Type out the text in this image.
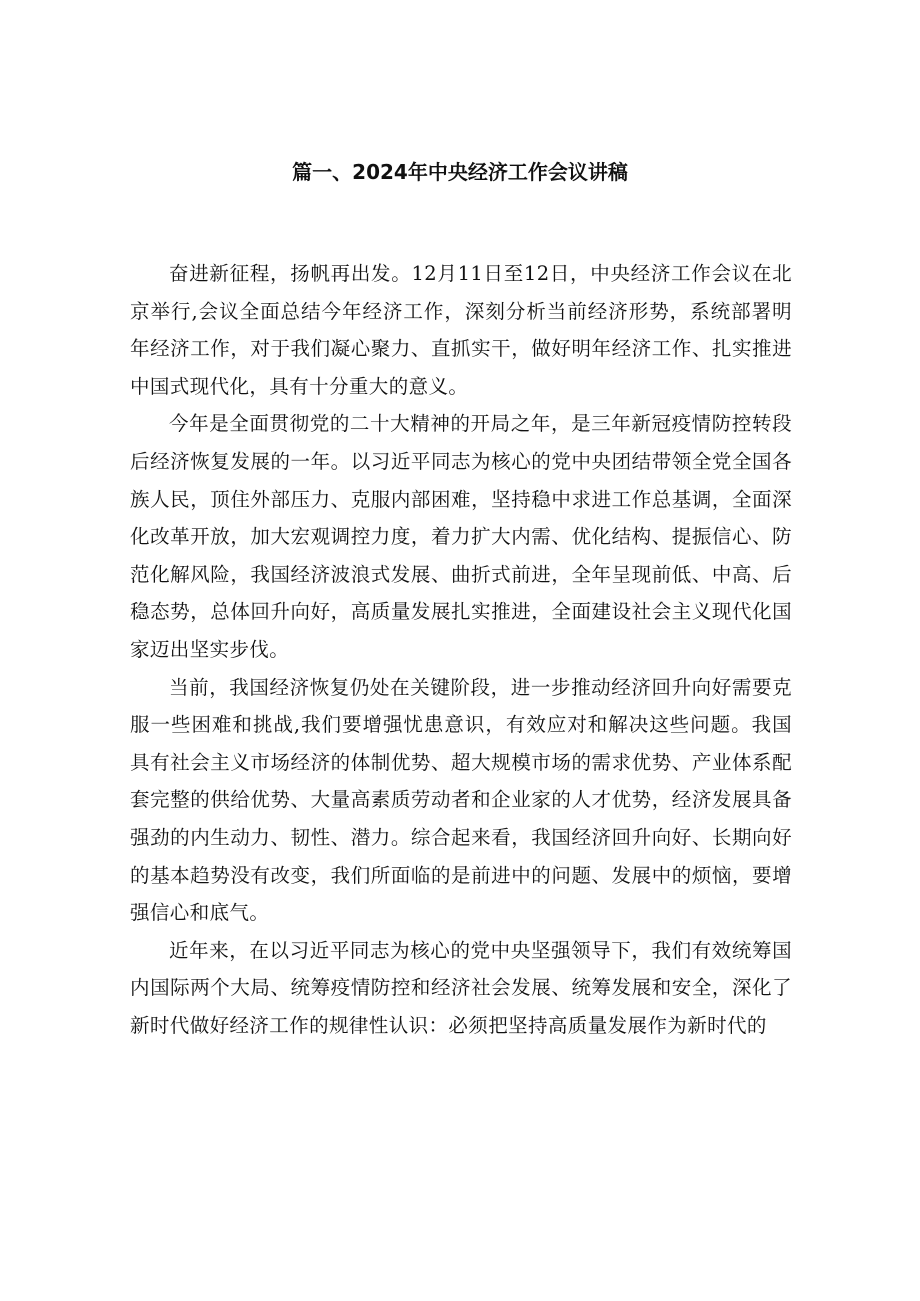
篇一、2024年中央经济工作会议讲稿

奋进新征程，扬帆再出发。12月11日至12日，中央经济工作会议在北京举行,会议全面总结今年经济工作，深刻分析当前经济形势，系统部署明年经济工作，对于我们凝心聚力、直抓实干，做好明年经济工作、扎实推进中国式现代化，具有十分重大的意义。

今年是全面贯彻党的二十大精神的开局之年，是三年新冠疫情防控转段后经济恢复发展的一年。以习近平同志为核心的党中央团结带领全党全国各族人民，顶住外部压力、克服内部困难，坚持稳中求进工作总基调，全面深化改革开放，加大宏观调控力度，着力扩大内需、优化结构、提振信心、防范化解风险，我国经济波浪式发展、曲折式前进，全年呈现前低、中高、后稳态势，总体回升向好，高质量发展扎实推进，全面建设社会主义现代化国家迈出坚实步伐。

当前，我国经济恢复仍处在关键阶段，进一步推动经济回升向好需要克服一些困难和挑战,我们要增强忧患意识，有效应对和解决这些问题。我国具有社会主义市场经济的体制优势、超大规模市场的需求优势、产业体系配套完整的供给优势、大量高素质劳动者和企业家的人才优势，经济发展具备强劲的内生动力、韧性、潜力。综合起来看，我国经济回升向好、长期向好的基本趋势没有改变，我们所面临的是前进中的问题、发展中的烦恼，要增强信心和底气。

近年来，在以习近平同志为核心的党中央坚强领导下，我们有效统筹国内国际两个大局、统筹疫情防控和经济社会发展、统筹发展和安全，深化了新时代做好经济工作的规律性认识：必须把坚持高质量发展作为新时代的
